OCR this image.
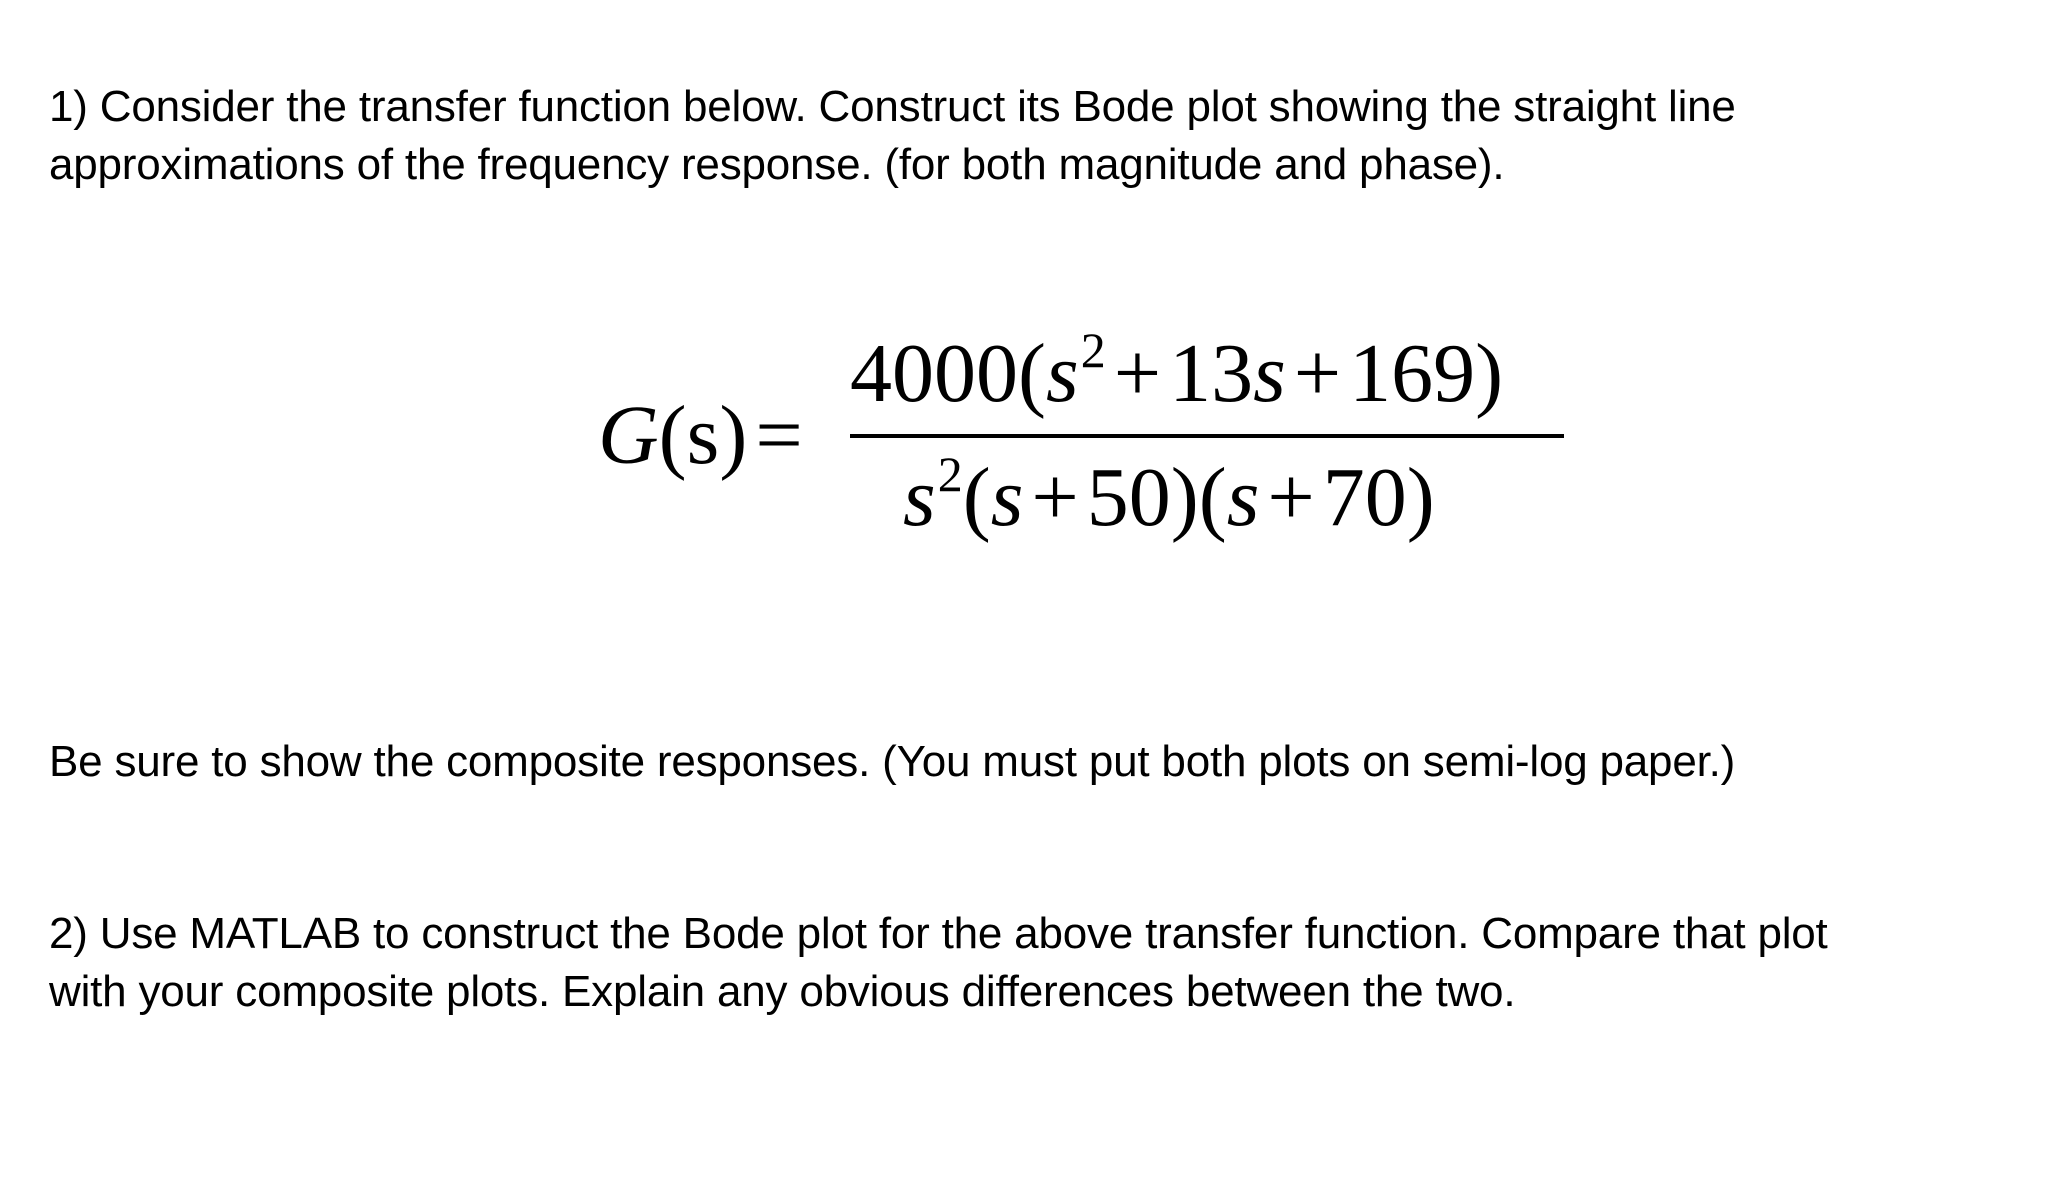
1) Consider the transfer function below. Construct its Bode plot showing the straight line
approximations of the frequency response. (for both magnitude and phase).
G(s)=
$4000(s^2+13s+169)$
$s^2(s+50)(s+70)$
Be sure to show the composite responses. (You must put both plots on semi-log paper.)
2) Use MATLAB to construct the Bode plot for the above transfer function. Compare that plot
with your composite plots. Explain any obvious differences between the two.
